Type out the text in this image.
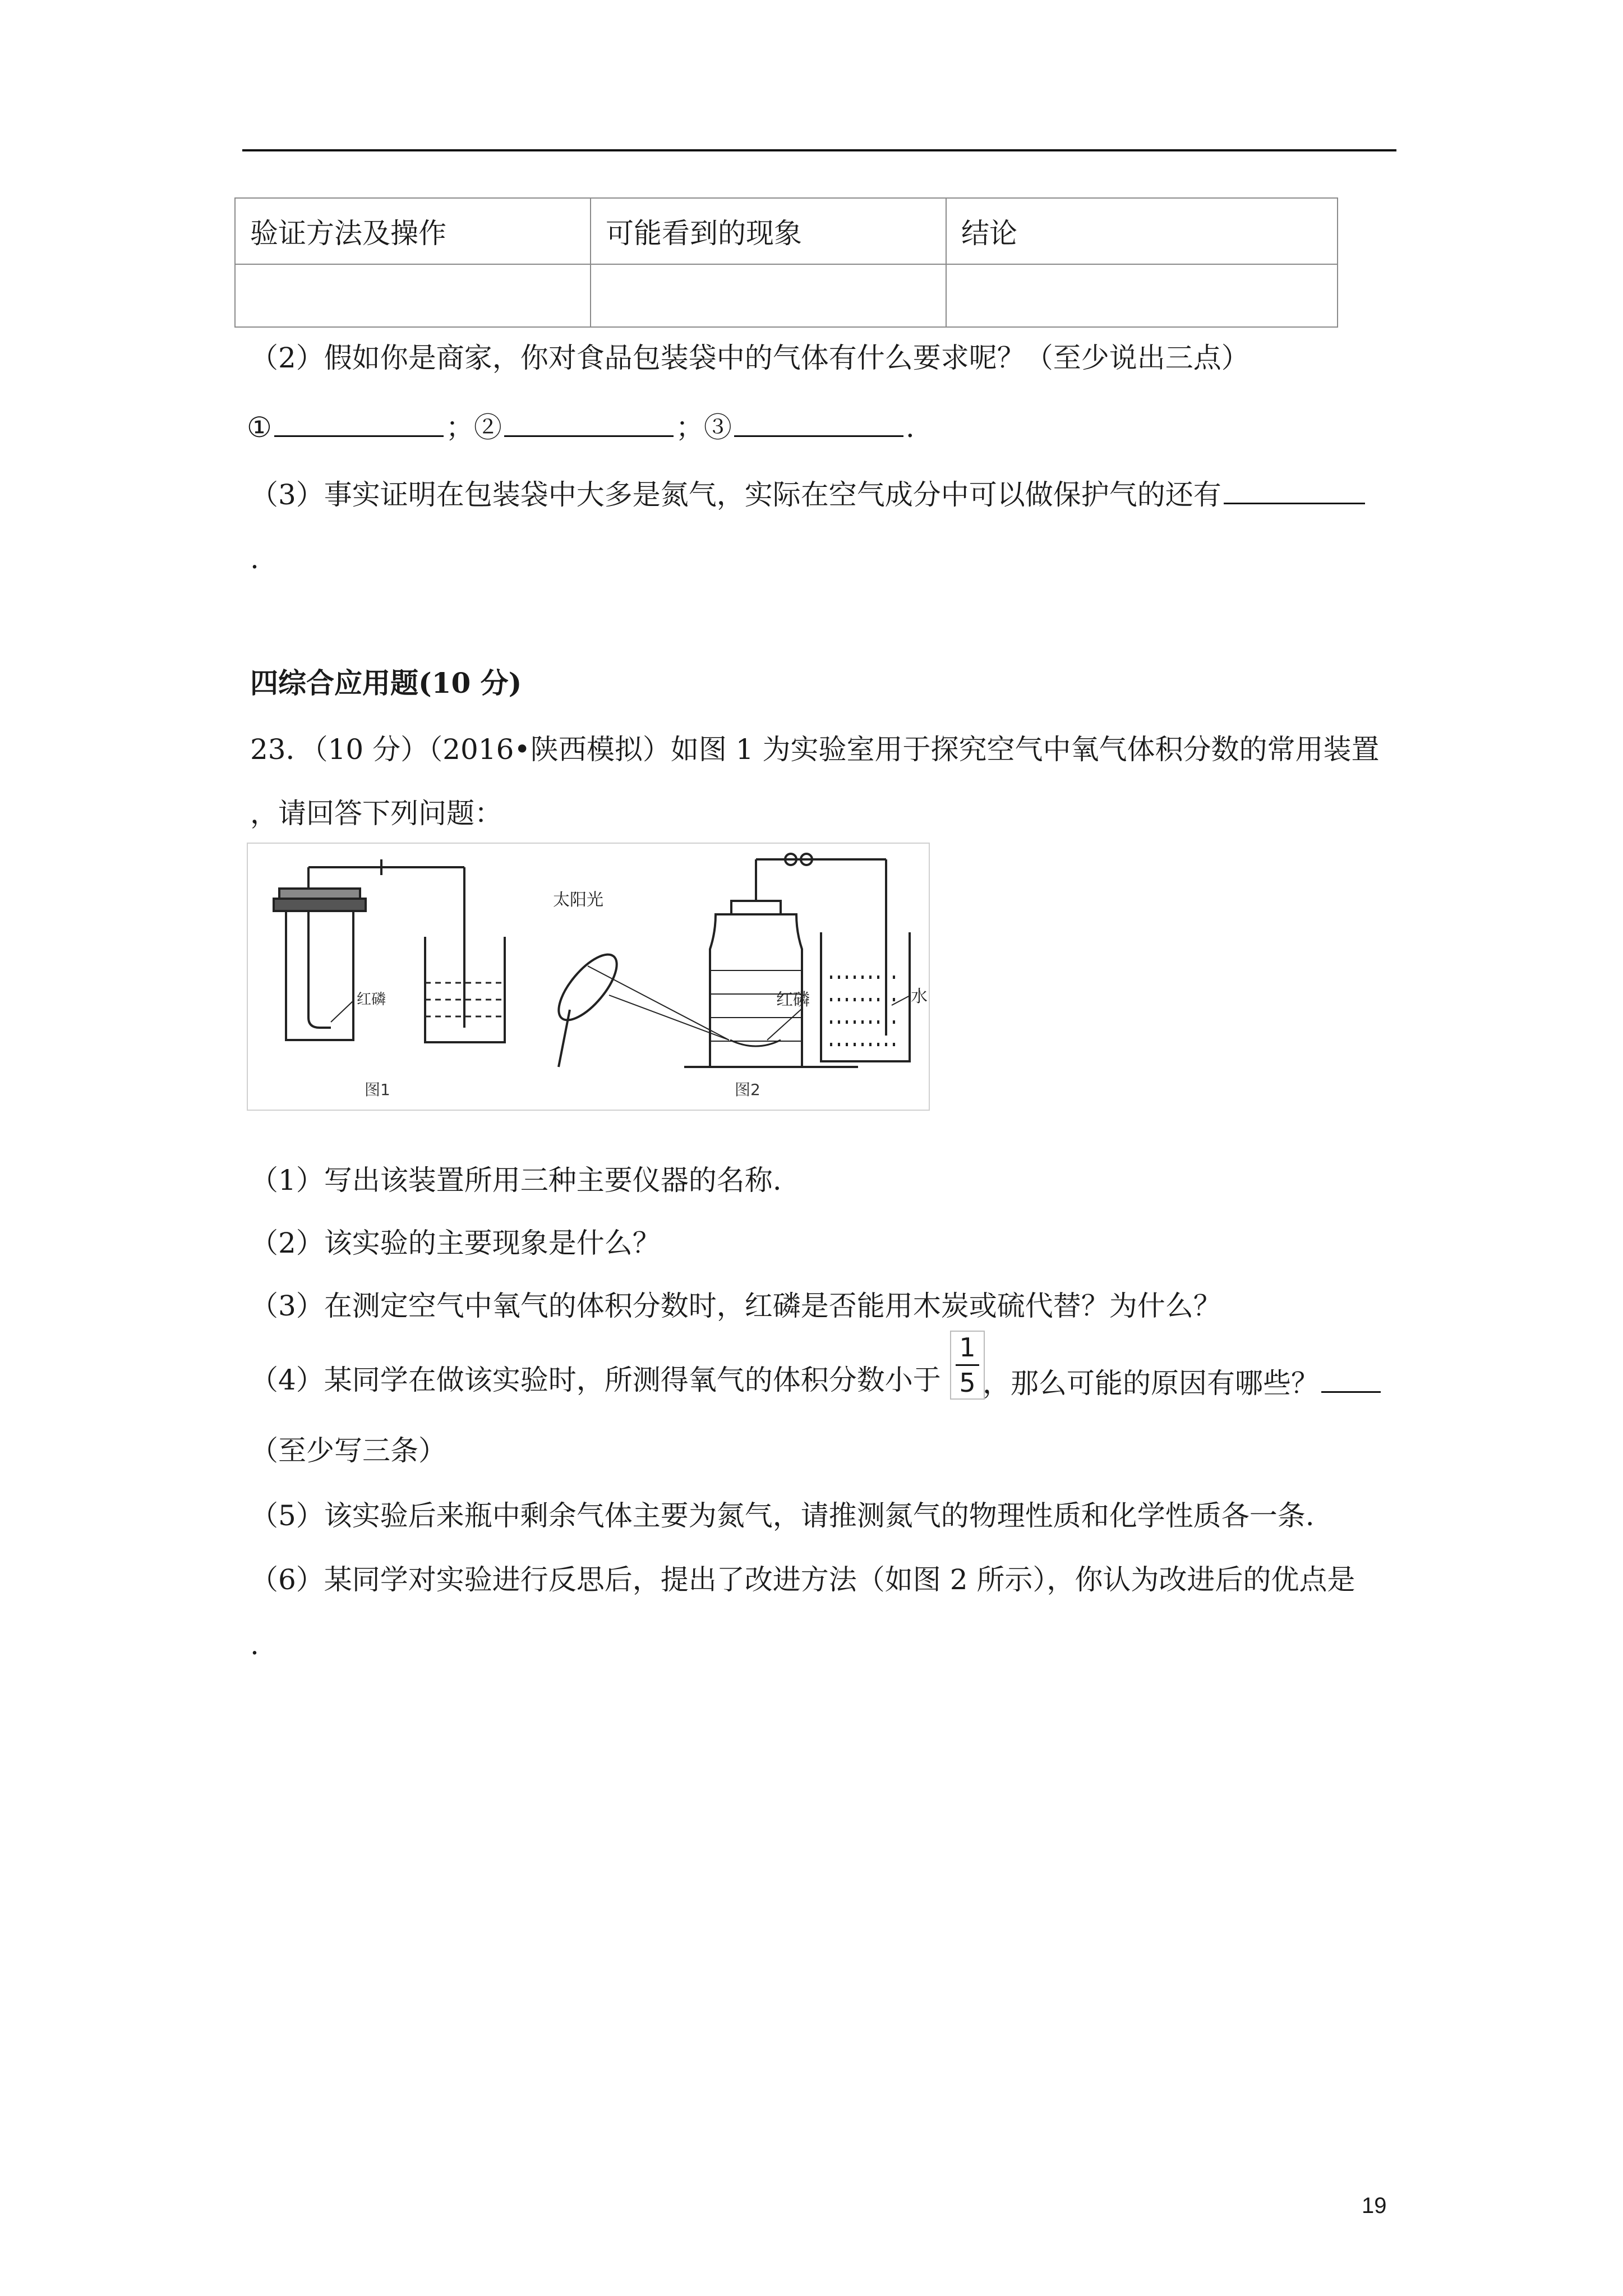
验证方法及操作	可能看到的现象	结论

（2）假如你是商家，你对食品包装袋中的气体有什么要求呢？（至少说出三点）
①	；②	；③	.
（3）事实证明在包装袋中大多是氮气，实际在空气成分中可以做保护气的还有
.
四综合应用题(10 分)
23．（10 分）（2016•陕西模拟）如图 1 为实验室用于探究空气中氧气体积分数的常用装置
，请回答下列问题：
红磷
图1
太阳光
红磷	水
图2
（1）写出该装置所用三种主要仪器的名称.
（2）该实验的主要现象是什么？
（3）在测定空气中氧气的体积分数时，红磷是否能用木炭或硫代替？为什么？
（4）某同学在做该实验时，所测得氧气的体积分数小于
1
5 ，那么可能的原因有哪些？
（至少写三条）
（5）该实验后来瓶中剩余气体主要为氮气，请推测氮气的物理性质和化学性质各一条.
（6）某同学对实验进行反思后，提出了改进方法（如图 2 所示），你认为改进后的优点是
.
19
